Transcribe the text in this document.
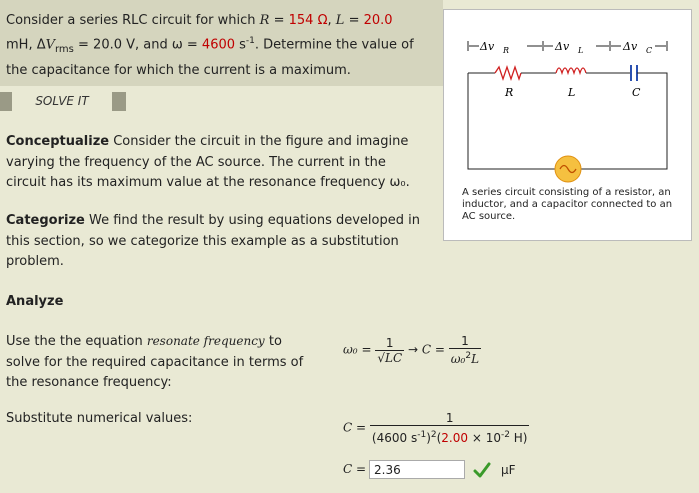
Consider a series RLC circuit for which R = 154 Ω, L = 20.0
mH, $\Delta V_{rms} = 20.0$ V, and ω = 4600 $s^{-1}$. Determine the value of
the capacitance for which the current is a maximum.
SOLVE IT
Conceptualize Consider the circuit in the figure and imagine varying the frequency of the AC source. The current in the circuit has its maximum value at the resonance frequency ω₀.
Categorize We find the result by using equations developed in this section, so we categorize this example as a substitution problem.
Analyze
Use the the equation resonate frequency to solve for the required capacitance in terms of the resonance frequency:
Substitute numerical values:
$\omega_0 = \frac{1}{√LC} \to C = \frac{1}{\omega_0^2L}$
$C = \frac{1}{(4600 s^{-1})^2(2.00 \times 10^{-2} H)}$
C =
2.36	µF
Δv R	Δv L	Δv C
R	L	C
A series circuit consisting of a resistor, an inductor, and a capacitor connected to an AC source.
